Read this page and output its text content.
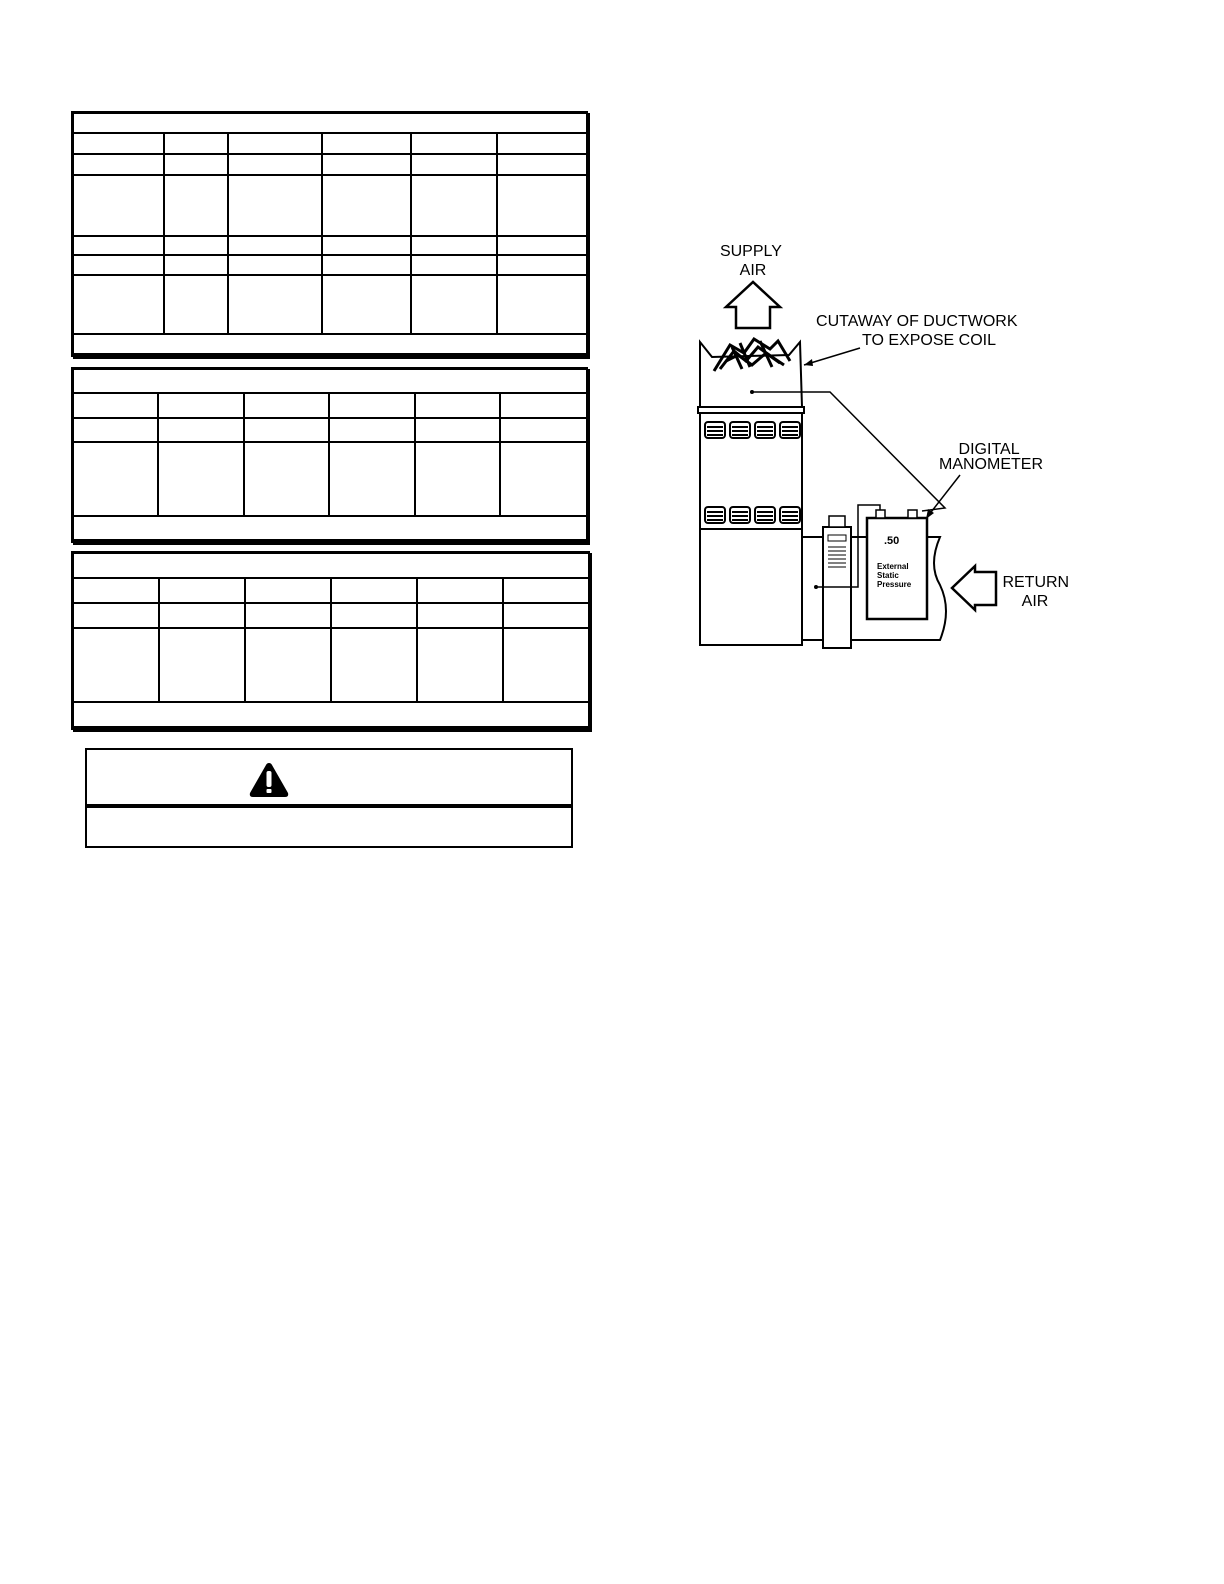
SUPPLY AIR
CUTAWAY OF DUCTWORK TO EXPOSE COIL
.50
External Static Pressure
DIGITAL MANOMETER
RETURN AIR
